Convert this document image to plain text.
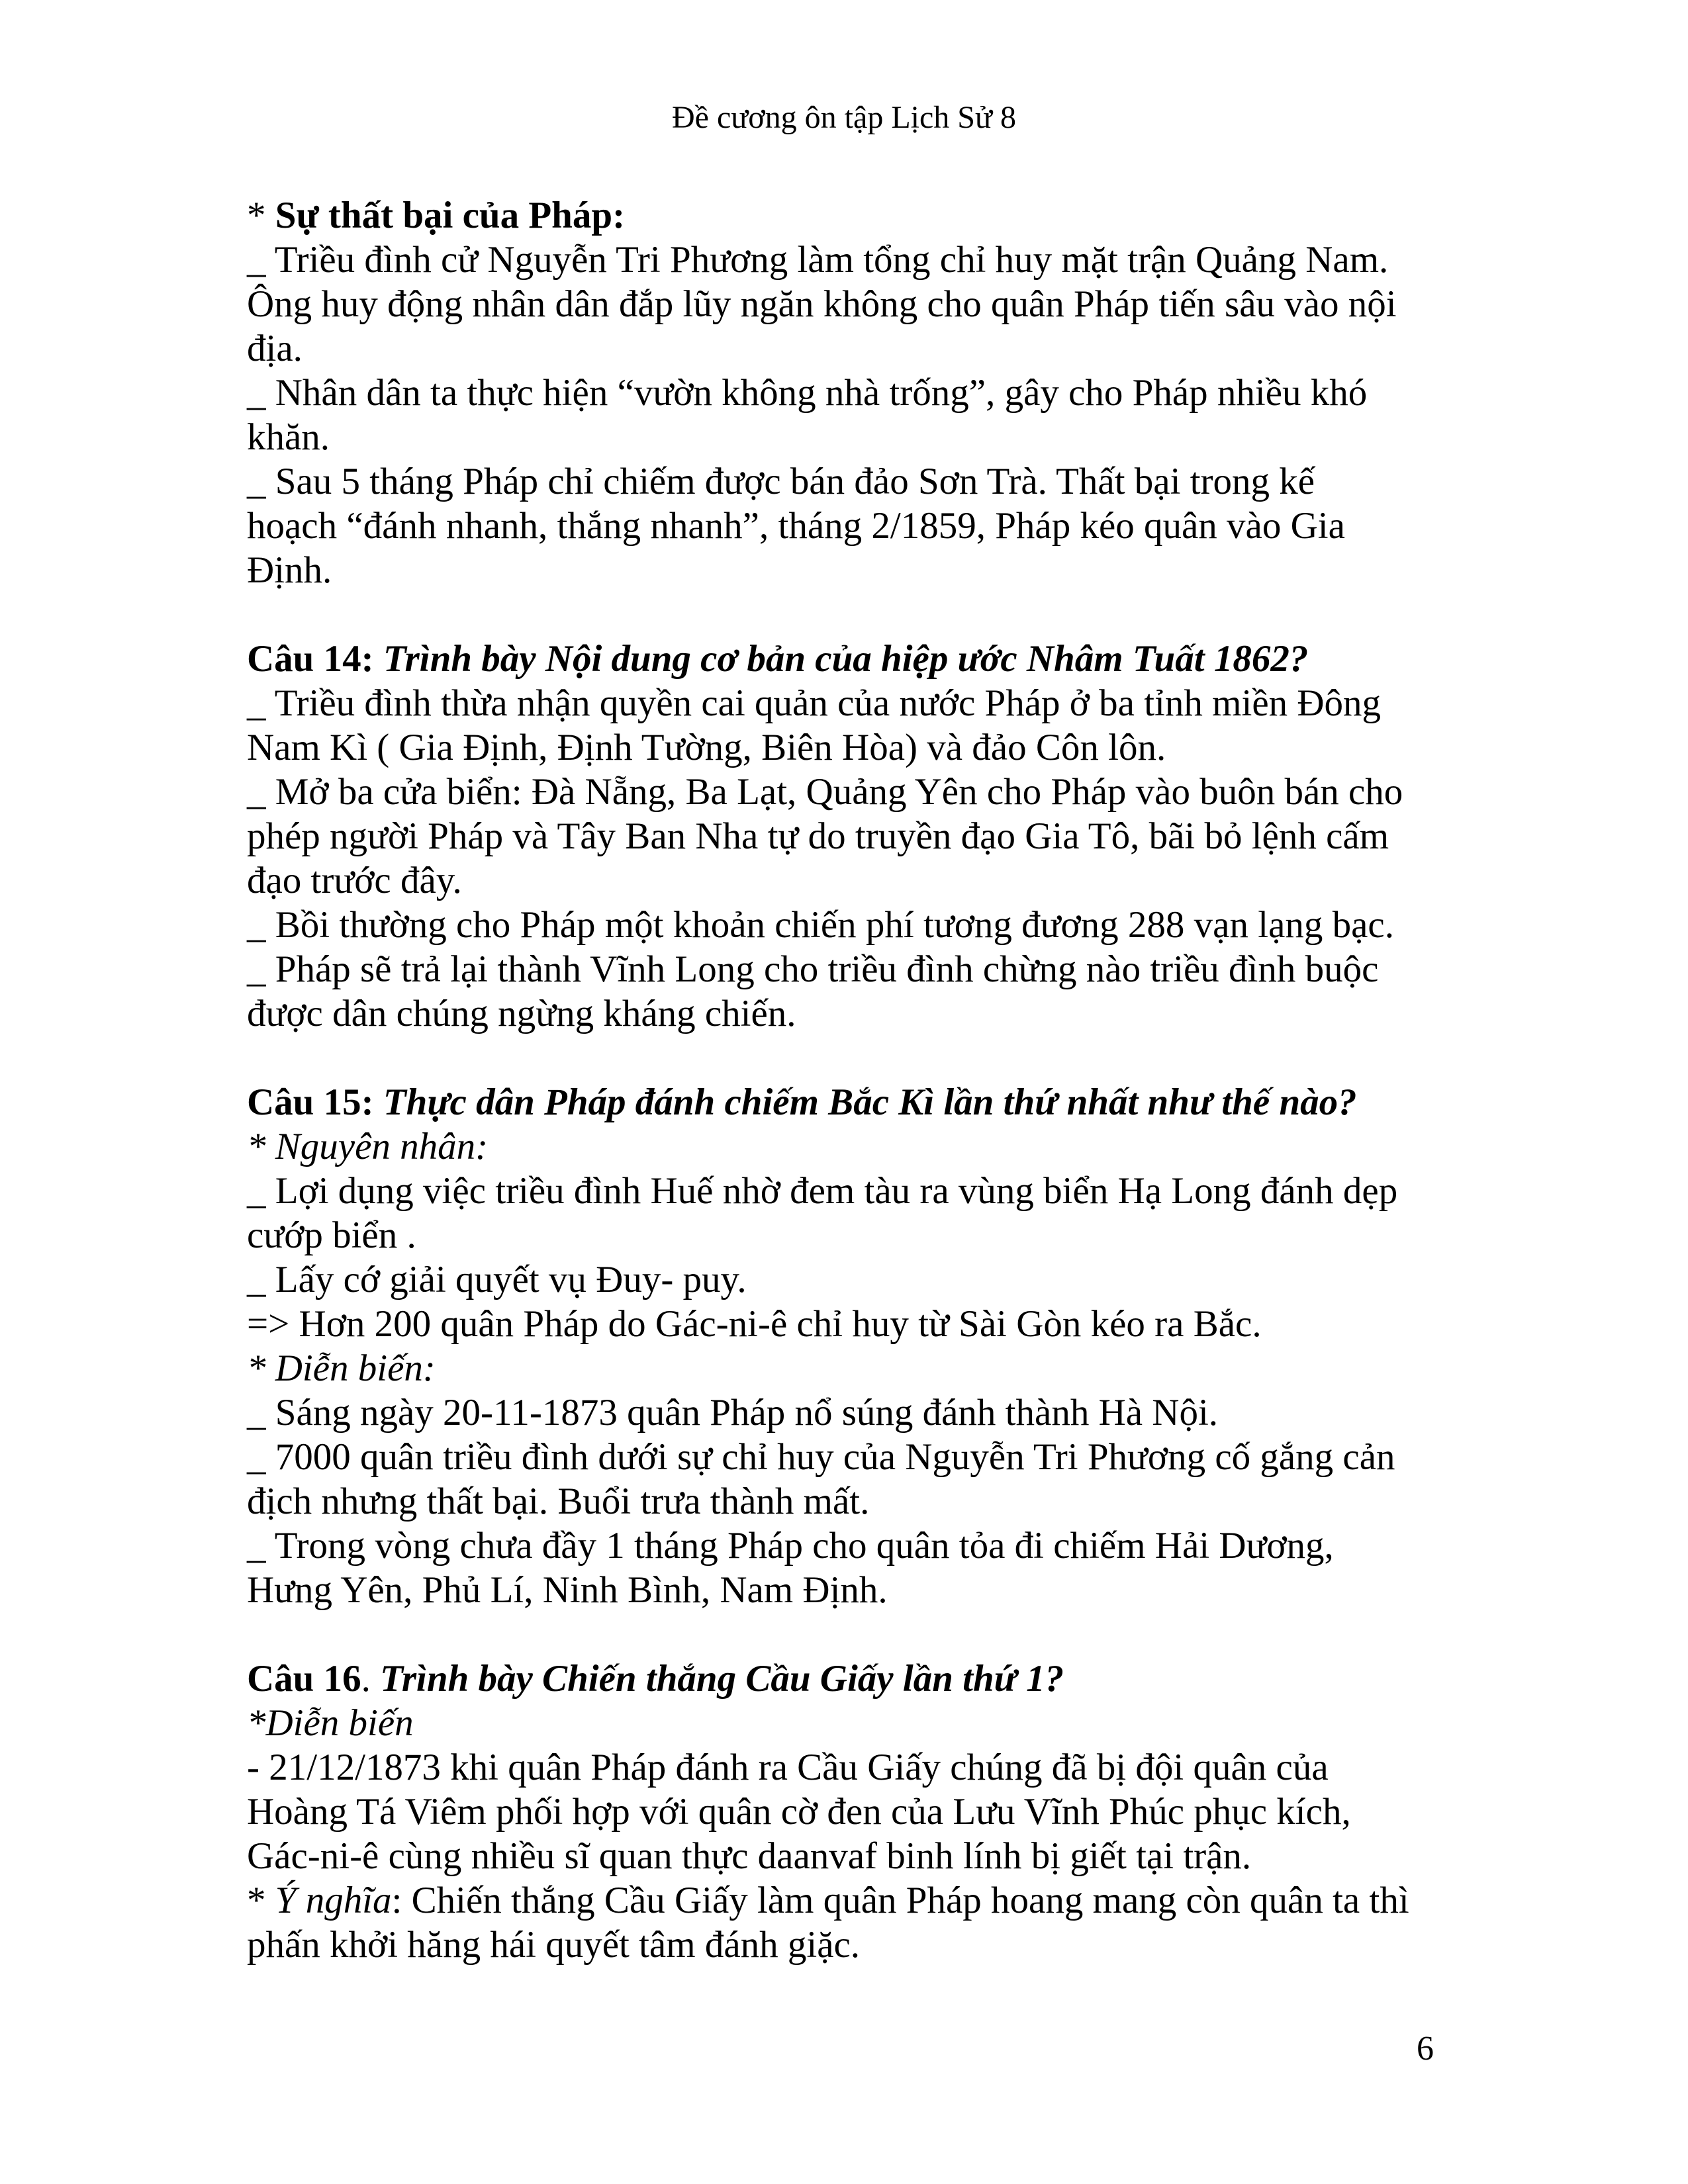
Đề cương ôn tập Lịch Sử 8
* Sự thất bại của Pháp:
_ Triều đình cử Nguyễn Tri Phương làm tổng chỉ huy mặt trận Quảng Nam.
Ông huy động nhân dân đắp lũy ngăn không cho quân Pháp tiến sâu vào nội
địa.
_ Nhân dân ta thực hiện “vườn không nhà trống”, gây cho Pháp nhiều khó
khăn.
_ Sau 5 tháng Pháp chỉ chiếm được bán đảo Sơn Trà. Thất bại trong kế
hoạch “đánh nhanh, thắng nhanh”, tháng 2/1859, Pháp kéo quân vào Gia
Định.
Câu 14: Trình bày Nội dung cơ bản của hiệp ước Nhâm Tuất 1862?
_ Triều đình thừa nhận quyền cai quản của nước Pháp ở ba tỉnh miền Đông
Nam Kì ( Gia Định, Định Tường, Biên Hòa) và đảo Côn lôn.
_ Mở ba cửa biển: Đà Nẵng, Ba Lạt, Quảng Yên cho Pháp vào buôn bán cho
phép người Pháp và Tây Ban Nha tự do truyền đạo Gia Tô, bãi bỏ lệnh cấm
đạo trước đây.
_ Bồi thường cho Pháp một khoản chiến phí tương đương 288 vạn lạng bạc.
_ Pháp sẽ trả lại thành Vĩnh Long cho triều đình chừng nào triều đình buộc
được dân chúng ngừng kháng chiến.
Câu 15: Thực dân Pháp đánh chiếm Bắc Kì lần thứ nhất như thế nào?
* Nguyên nhân:
_ Lợi dụng việc triều đình Huế nhờ đem tàu ra vùng biển Hạ Long đánh dẹp
cướp biển .
_ Lấy cớ giải quyết vụ Đuy- puy.
=> Hơn 200 quân Pháp do Gác-ni-ê chỉ huy từ Sài Gòn kéo ra Bắc.
* Diễn biến:
_ Sáng ngày 20-11-1873 quân Pháp nổ súng đánh thành Hà Nội.
_ 7000 quân triều đình dưới sự chỉ huy của Nguyễn Tri Phương cố gắng cản
địch nhưng thất bại. Buổi trưa thành mất.
_ Trong vòng chưa đầy 1 tháng Pháp cho quân tỏa đi chiếm Hải Dương,
Hưng Yên, Phủ Lí, Ninh Bình, Nam Định.
Câu 16. Trình bày Chiến thắng Cầu Giấy lần thứ 1?
*Diễn biến
- 21/12/1873 khi quân Pháp đánh ra Cầu Giấy chúng đã bị đội quân của
Hoàng Tá Viêm phối hợp với quân cờ đen của Lưu Vĩnh Phúc phục kích,
Gác-ni-ê cùng nhiều sĩ quan thực daanvaf binh lính bị giết tại trận.
* Ý nghĩa: Chiến thắng Cầu Giấy làm quân Pháp hoang mang còn quân ta thì
phấn khởi hăng hái quyết tâm đánh giặc.
6
